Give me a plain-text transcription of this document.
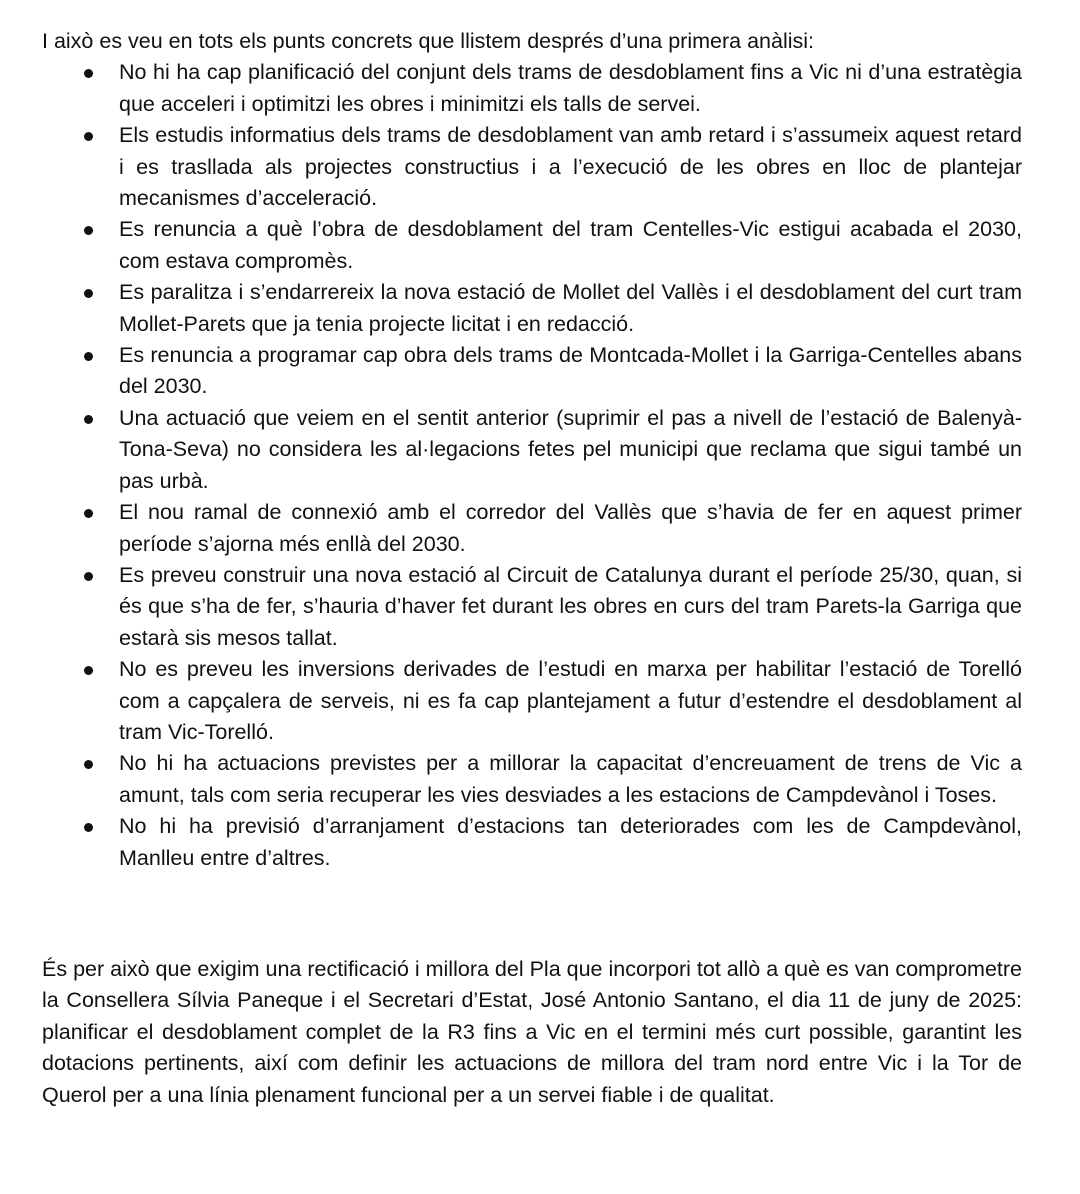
I això es veu en tots els punts concrets que llistem després d’una primera anàlisi:

No hi ha cap planificació del conjunt dels trams de desdoblament fins a Vic ni d’una estratègia que acceleri i optimitzi les obres i minimitzi els talls de servei.
Els estudis informatius dels trams de desdoblament van amb retard i s’assumeix aquest retard i es trasllada als projectes constructius i a l’execució de les obres en lloc de plantejar mecanismes d’acceleració.
Es renuncia a què l’obra de desdoblament del tram Centelles-Vic estigui acabada el 2030, com estava compromès.
Es paralitza i s’endarrereix la nova estació de Mollet del Vallès i el desdoblament del curt tram Mollet-Parets que ja tenia projecte licitat i en redacció.
Es renuncia a programar cap obra dels trams de Montcada-Mollet i la Garriga-Centelles abans del 2030.
Una actuació que veiem en el sentit anterior (suprimir el pas a nivell de l’estació de Balenyà-Tona-Seva) no considera les al·legacions fetes pel municipi que reclama que sigui també un pas urbà.
El nou ramal de connexió amb el corredor del Vallès que s’havia de fer en aquest primer període s’ajorna més enllà del 2030.
Es preveu construir una nova estació al Circuit de Catalunya durant el període 25/30, quan, si és que s’ha de fer, s’hauria d’haver fet durant les obres en curs del tram Parets-la Garriga que estarà sis mesos tallat.
No es preveu les inversions derivades de l’estudi en marxa per habilitar l’estació de Torelló com a capçalera de serveis, ni es fa cap plantejament a futur d’estendre el desdoblament al tram Vic-Torelló.
No hi ha actuacions previstes per a millorar la capacitat d’encreuament de trens de Vic a amunt, tals com seria recuperar les vies desviades a les estacions de Campdevànol i Toses.
No hi ha previsió d’arranjament d’estacions tan deteriorades com les de Campdevànol, Manlleu entre d’altres.

És per això que exigim una rectificació i millora del Pla que incorpori tot allò a què es van comprometre la Consellera Sílvia Paneque i el Secretari d’Estat, José Antonio Santano, el dia 11 de juny de 2025: planificar el desdoblament complet de la R3 fins a Vic en el termini més curt possible, garantint les dotacions pertinents, així com definir les actuacions de millora del tram nord entre Vic i la Tor de Querol per a una línia plenament funcional per a un servei fiable i de qualitat.
